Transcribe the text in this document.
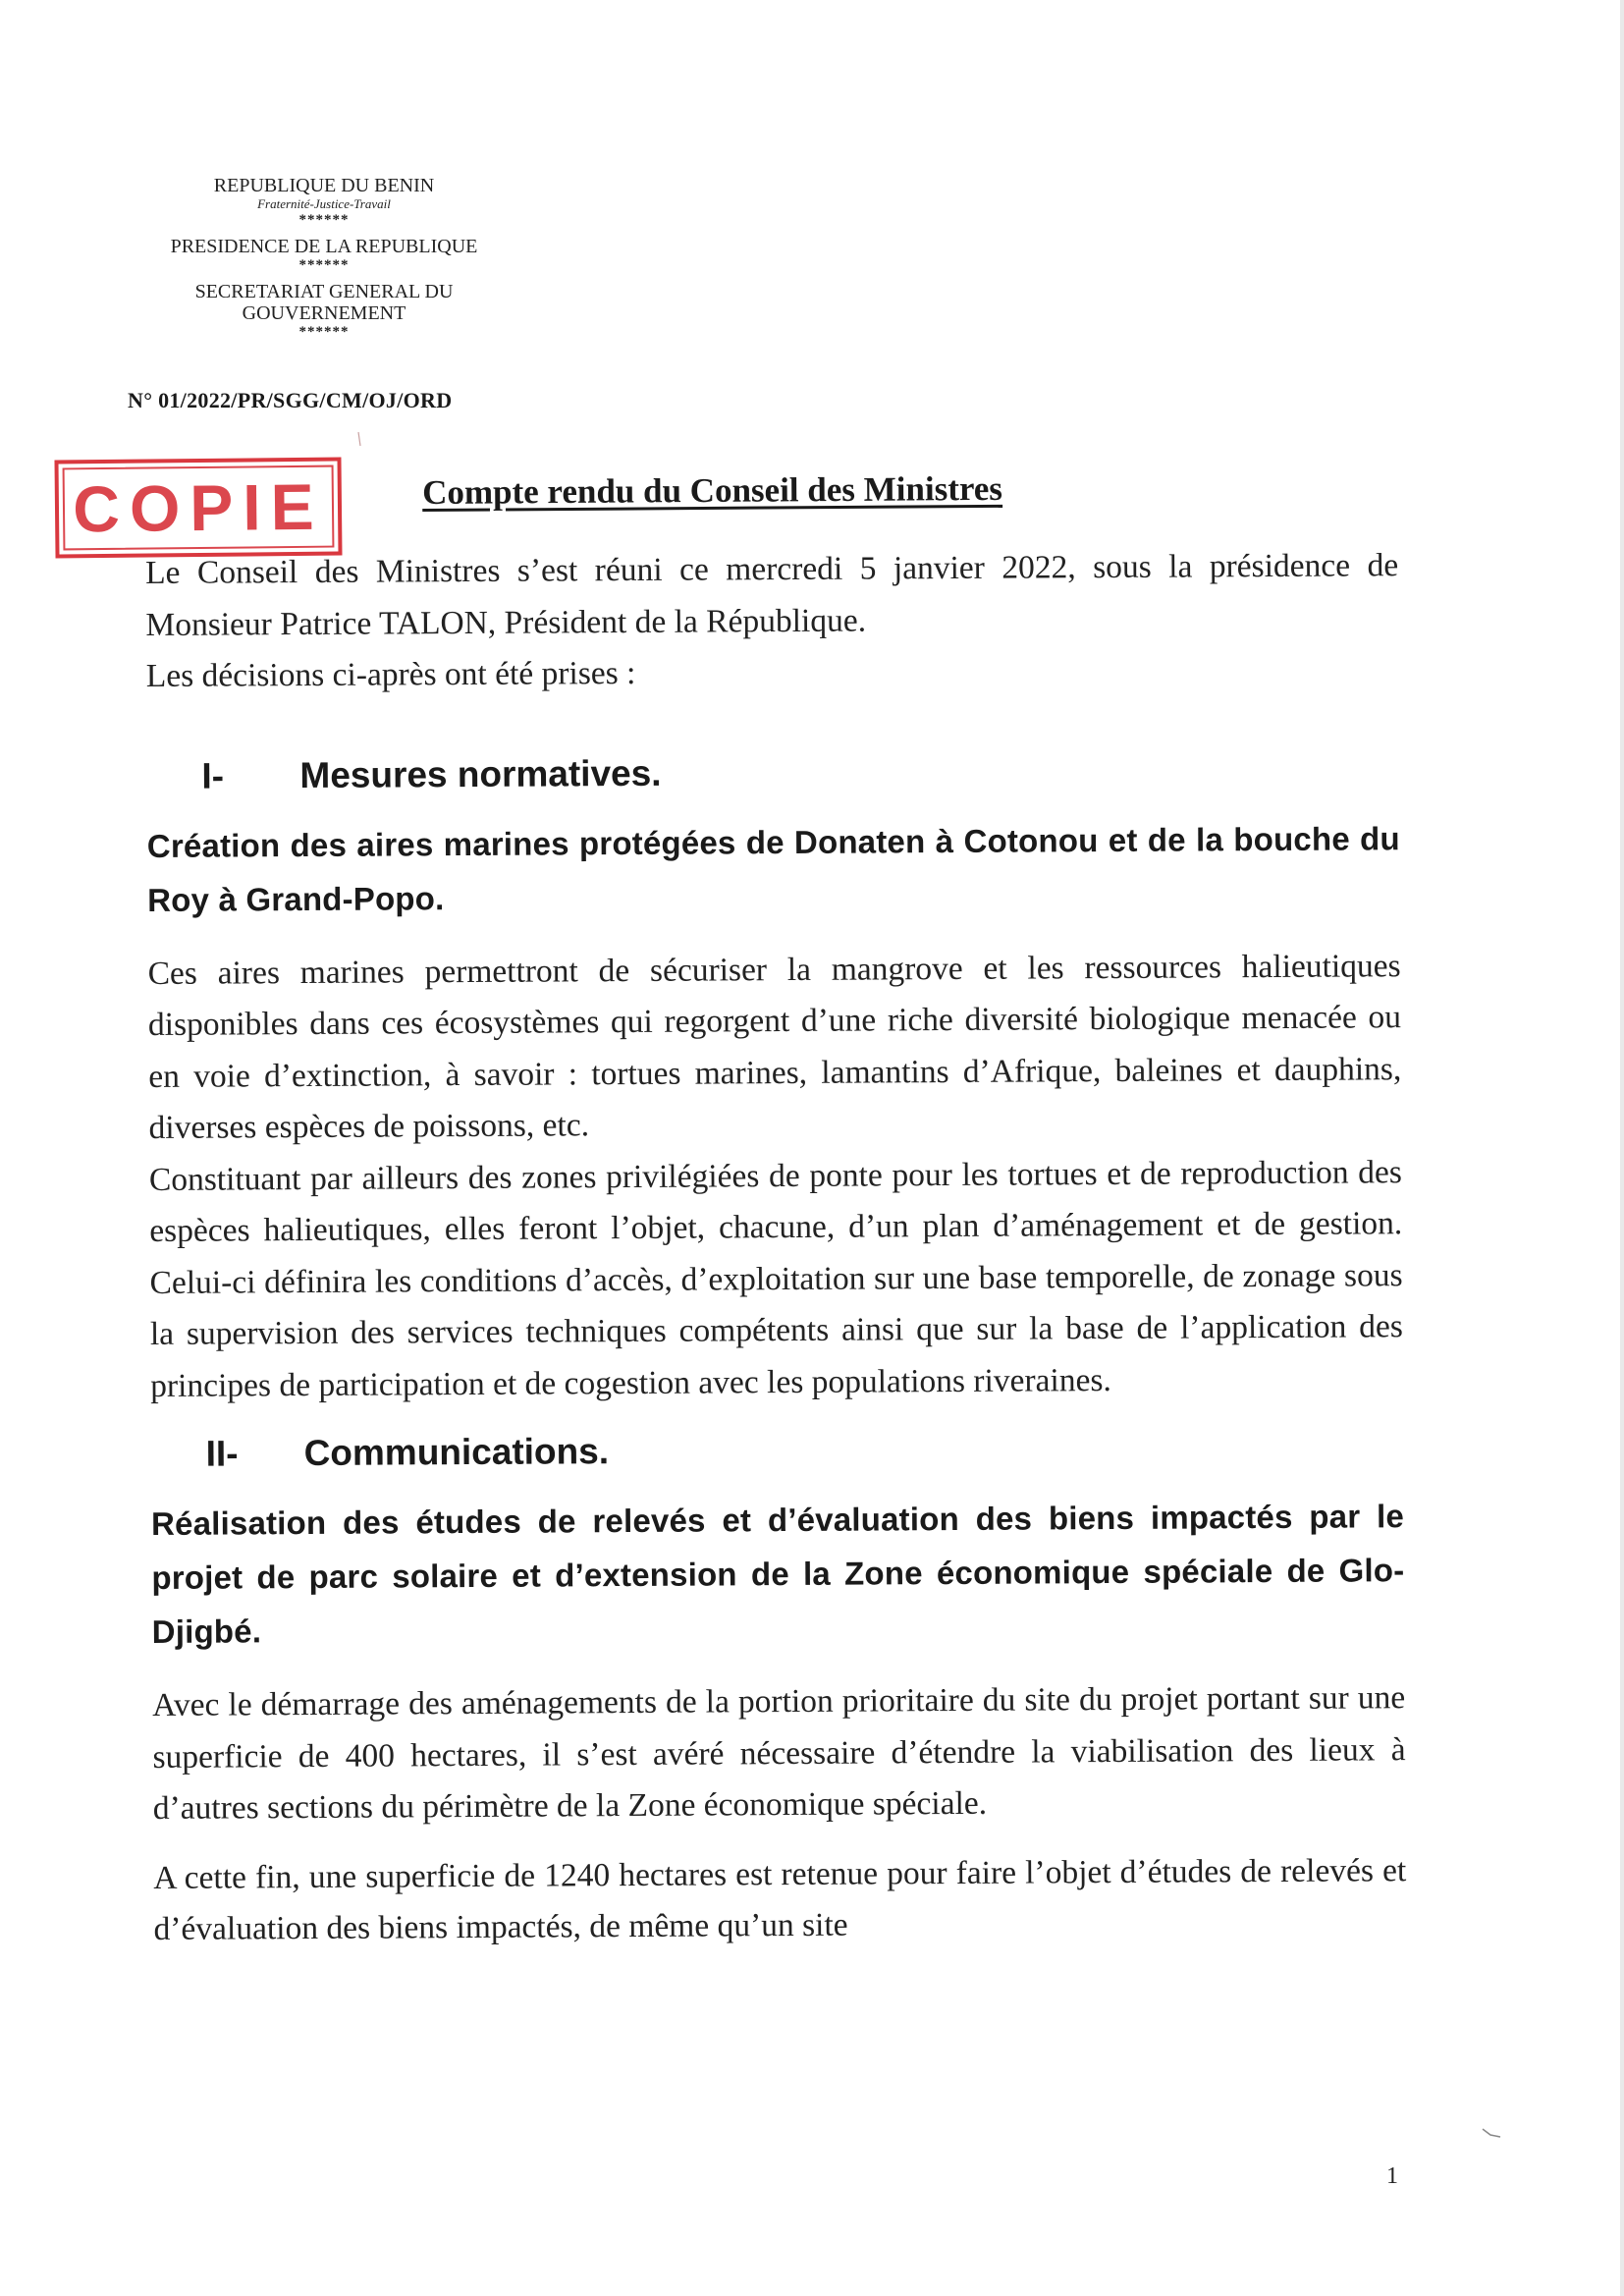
REPUBLIQUE DU BENIN
Fraternité-Justice-Travail
******
PRESIDENCE DE LA REPUBLIQUE
******
SECRETARIAT GENERAL DU
GOUVERNEMENT
******
N° 01/2022/PR/SGG/CM/OJ/ORD
COPIE	Compte rendu du Conseil des Ministres

Le Conseil des Ministres s’est réuni ce mercredi 5 janvier 2022, sous la présidence de Monsieur Patrice TALON, Président de la République.

Les décisions ci-après ont été prises :

I-	Mesures normatives.

Création des aires marines protégées de Donaten à Cotonou et de la bouche du Roy à Grand-Popo.

Ces aires marines permettront de sécuriser la mangrove et les ressources halieutiques disponibles dans ces écosystèmes qui regorgent d’une riche diversité biologique menacée ou en voie d’extinction, à savoir : tortues marines, lamantins d’Afrique, baleines et dauphins, diverses espèces de poissons, etc.

Constituant par ailleurs des zones privilégiées de ponte pour les tortues et de reproduction des espèces halieutiques, elles feront l’objet, chacune, d’un plan d’aménagement et de gestion. Celui-ci définira les conditions d’accès, d’exploitation sur une base temporelle, de zonage sous la supervision des services techniques compétents ainsi que sur la base de l’application des principes de participation et de cogestion avec les populations riveraines.

II-	Communications.

Réalisation des études de relevés et d’évaluation des biens impactés par le projet de parc solaire et d’extension de la Zone économique spéciale de Glo-Djigbé.

Avec le démarrage des aménagements de la portion prioritaire du site du projet portant sur une superficie de 400 hectares, il s’est avéré nécessaire d’étendre la viabilisation des lieux à d’autres sections du périmètre de la Zone économique spéciale.

A cette fin, une superficie de 1240 hectares est retenue pour faire l’objet d’études de relevés et d’évaluation des biens impactés, de même qu’un site

1
